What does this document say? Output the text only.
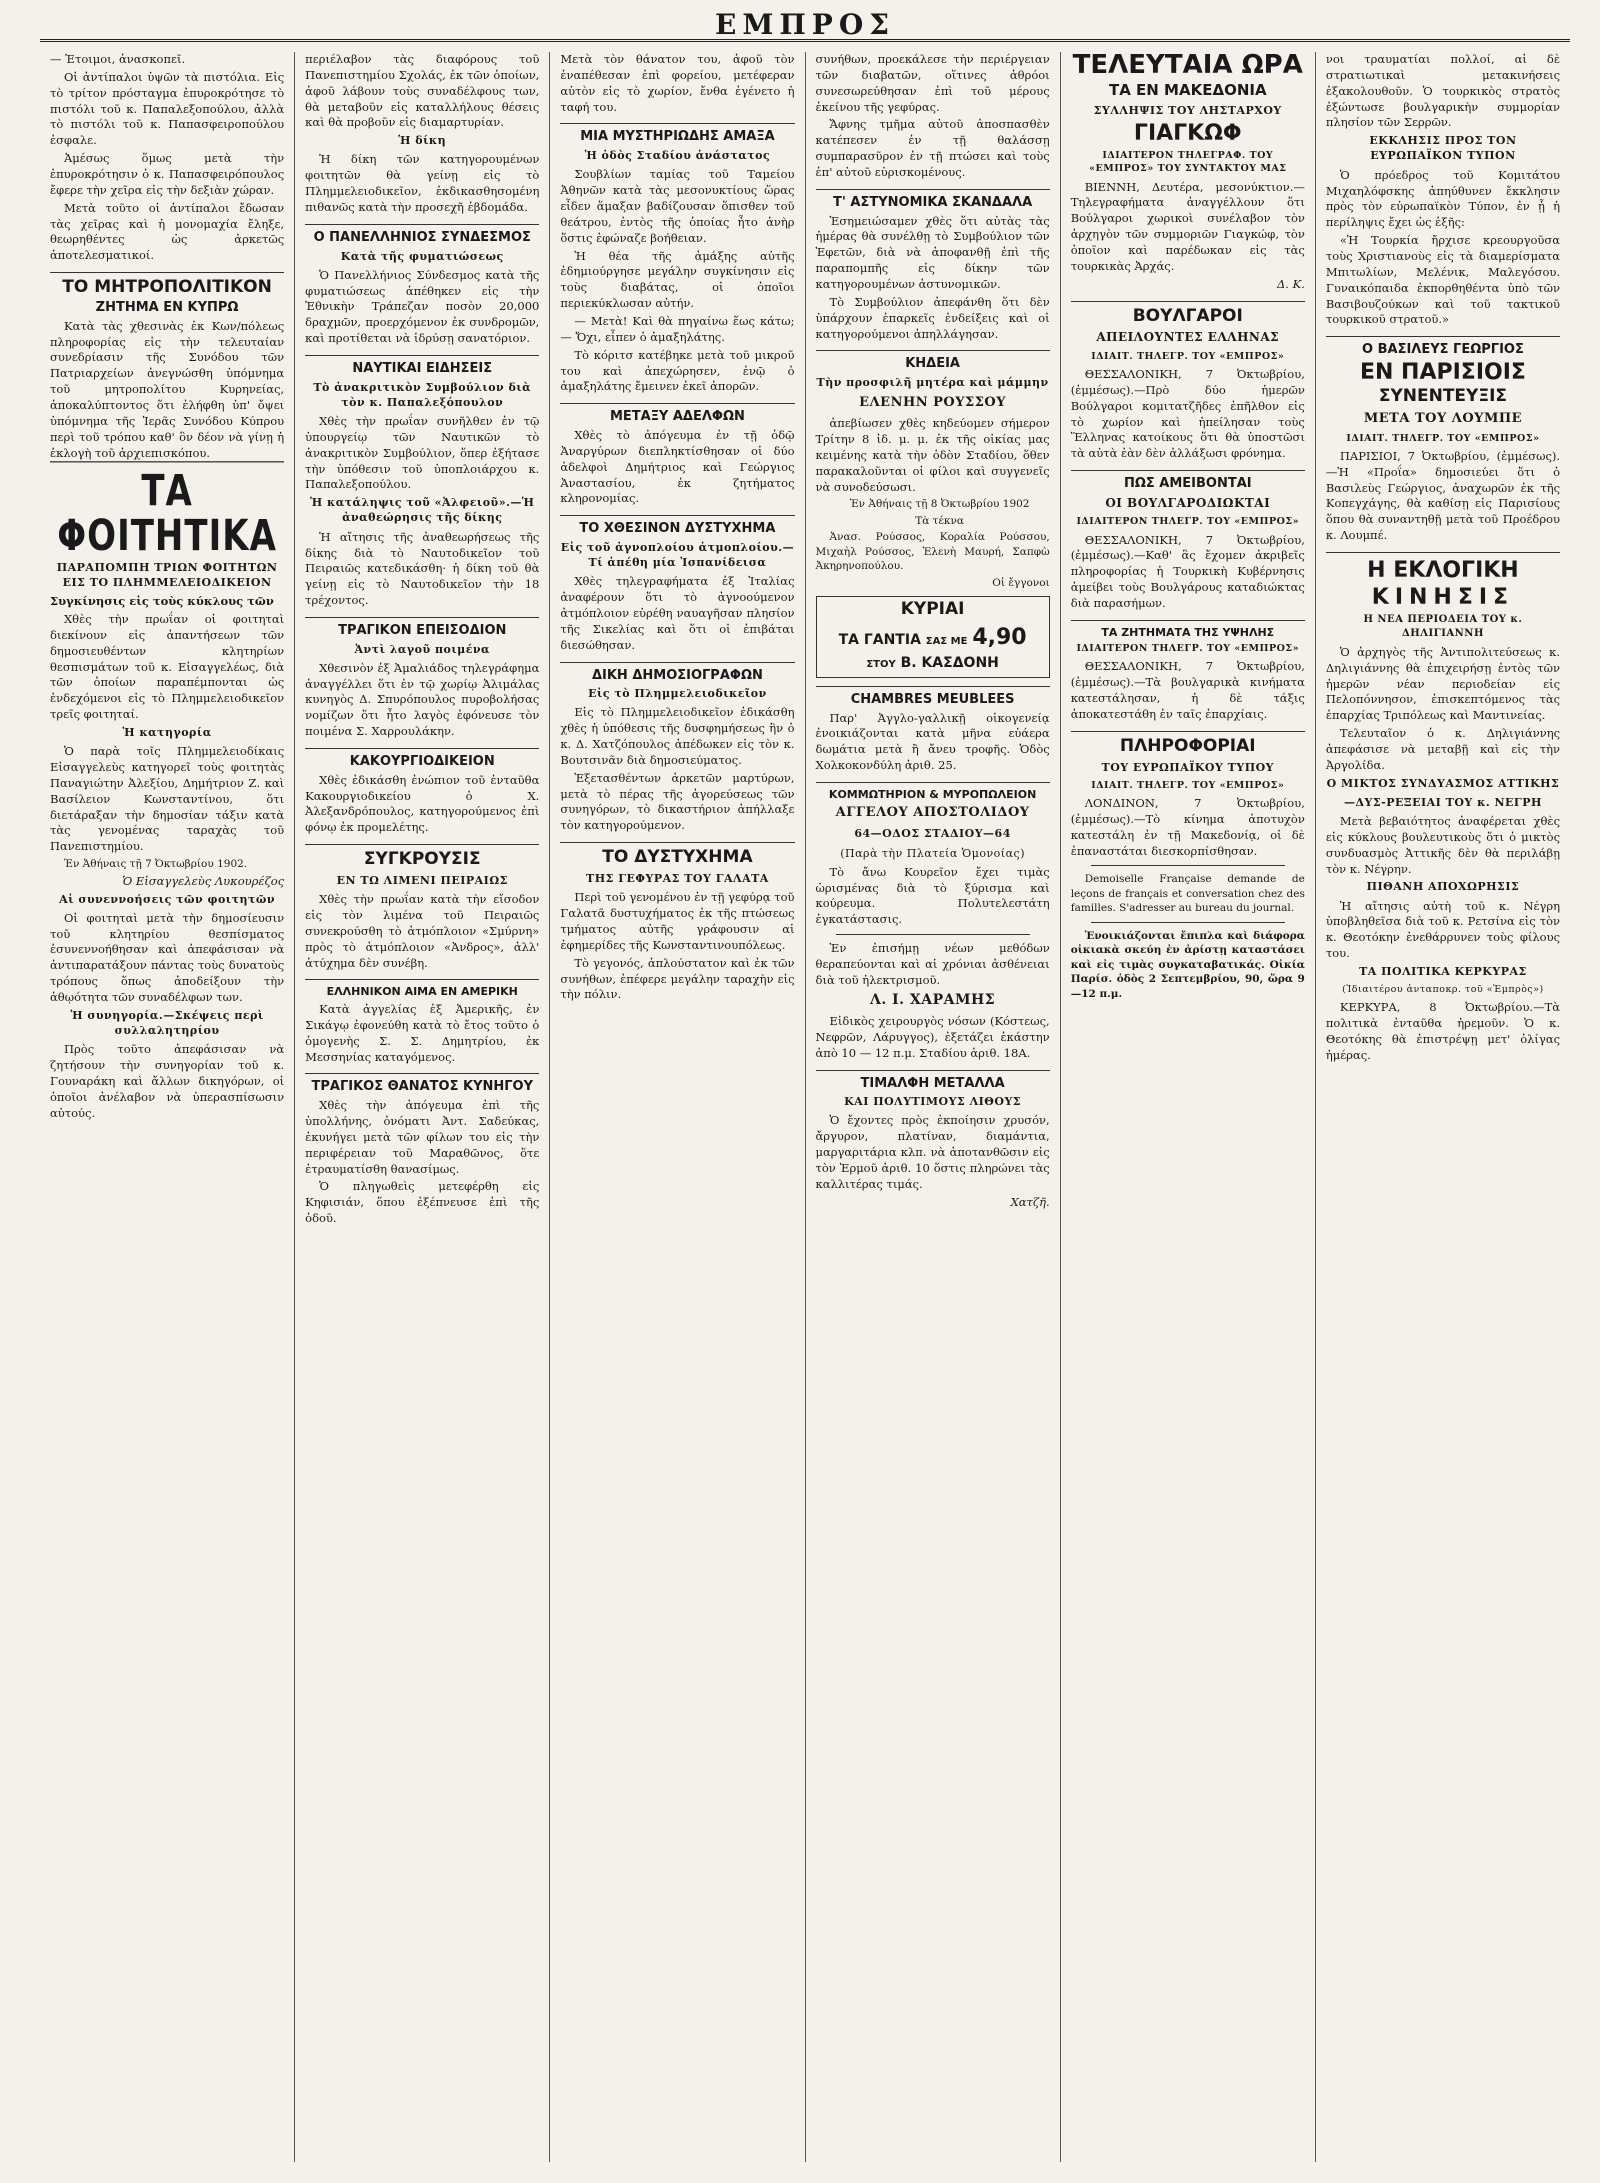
ΕΜΠΡΟΣ

— Ἐτοιμοι, ἀνασκοπεῖ.

Οἱ ἀντίπαλοι ὑψῶν τὰ πιστόλια. Εἰς τὸ τρίτον πρόσταγμα ἐπυροκρότησε τὸ πιστόλι τοῦ κ. Παπαλεξοπούλου, ἀλλὰ τὸ πιστόλι τοῦ κ. Παπασφειροπούλου ἐσφαλε.

Ἀμέσως ὅμως μετὰ τὴν ἐπυροκρότησιν ὁ κ. Παπασφειρόπουλος ἔφερε τὴν χεῖρα εἰς τὴν δεξιὰν χώραν.

Μετὰ τοῦτο οἱ ἀντίπαλοι ἔδωσαν τὰς χεῖρας καὶ ἡ μονομαχία ἔληξε, θεωρηθέντες ὡς ἀρκετῶς ἀποτελεσματικοί.

ΤΟ ΜΗΤΡΟΠΟΛΙΤΙΚΟΝ
ΖΗΤΗΜΑ ΕΝ ΚΥΠΡΩ

Κατὰ τὰς χθεσινὰς ἐκ Κων/πόλεως πληροφορίας εἰς τὴν τελευταίαν συνεδρίασιν τῆς Συνόδου τῶν Πατριαρχείων ἀνεγνώσθη ὑπόμνημα τοῦ μητροπολίτου Κυρηνείας, ἀποκαλύπτοντος ὅτι ἐλήφθη ὑπ' ὄψει ὑπόμνημα τῆς Ἱερᾶς Συνόδου Κύπρου περὶ τοῦ τρόπου καθ' ὃν δέον νὰ γίνῃ ἡ ἐκλογὴ τοῦ ἀρχιεπισκόπου.

ΤΑ ΦΟΙΤΗΤΙΚΑ
ΠΑΡΑΠΟΜΠΗ ΤΡΙΩΝ ΦΟΙΤΗΤΩΝ ΕΙΣ ΤΟ ΠΛΗΜΜΕΛΕΙΟΔΙΚΕΙΟΝ

Συγκίνησις εἰς τοὺς κύκλους τῶν

Χθὲς τὴν πρωΐαν οἱ φοιτηταὶ διεκίνουν εἰς ἀπαντήσεων τῶν δημοσιευθέντων κλητηρίων θεσπισμάτων τοῦ κ. Εἰσαγγελέως, διὰ τῶν ὁποίων παραπέμπονται ὡς ἐνδεχόμενοι εἰς τὸ Πλημμελειοδικεῖον τρεῖς φοιτηταί.

Ἡ κατηγορία

Ὁ παρὰ τοῖς Πλημμελειοδίκαις Εἰσαγγελεὺς κατηγορεῖ τοὺς φοιτητὰς Παναγιώτην Ἀλεξίου, Δημήτριον Ζ. καὶ Βασίλειον Κωνσταντίνου, ὅτι διετάραξαν τὴν δημοσίαν τάξιν κατὰ τὰς γενομένας ταραχὰς τοῦ Πανεπιστημίου.

Ἐν Ἀθήναις τῇ 7 Ὀκτωβρίου 1902.

Ὁ Εἰσαγγελεὺς Λυκουρέζος

Αἱ συνεννοήσεις τῶν φοιτητῶν

Οἱ φοιτηταὶ μετὰ τὴν δημοσίευσιν τοῦ κλητηρίου θεσπίσματος ἐσυνεννοήθησαν καὶ ἀπεφάσισαν νὰ ἀντιπαρατάξουν πάντας τοὺς δυνατοὺς τρόπους ὅπως ἀποδείξουν τὴν ἀθῳότητα τῶν συναδέλφων των.

Ἡ συνηγορία.—Σκέψεις περὶ συλλαλητηρίου

Πρὸς τοῦτο ἀπεφάσισαν νὰ ζητήσουν τὴν συνηγορίαν τοῦ κ. Γουναράκη καὶ ἄλλων δικηγόρων, οἱ ὁποῖοι ἀνέλαβον νὰ ὑπερασπίσωσιν αὐτούς.

περιέλαβον τὰς διαφόρους τοῦ Πανεπιστημίου Σχολάς, ἐκ τῶν ὁποίων, ἀφοῦ λάβουν τοὺς συναδέλφους των, θὰ μεταβοῦν εἰς καταλλήλους θέσεις καὶ θὰ προβοῦν εἰς διαμαρτυρίαν.

Ἡ δίκη

Ἡ δίκη τῶν κατηγορουμένων φοιτητῶν θὰ γείνῃ εἰς τὸ Πλημμελειοδικεῖον, ἐκδικασθησομένη πιθανῶς κατὰ τὴν προσεχῆ ἑβδομάδα.

Ο ΠΑΝΕΛΛΗΝΙΟΣ ΣΥΝΔΕΣΜΟΣ
Κατὰ τῆς φυματιώσεως

Ὁ Πανελλήνιος Σύνδεσμος κατὰ τῆς φυματιώσεως ἀπέθηκεν εἰς τὴν Ἐθνικὴν Τράπεζαν ποσὸν 20,000 δραχμῶν, προερχόμενον ἐκ συνδρομῶν, καὶ προτίθεται νὰ ἱδρύσῃ σανατόριον.

ΝΑΥΤΙΚΑΙ ΕΙΔΗΣΕΙΣ
Τὸ ἀνακριτικὸν Συμβούλιον διὰ τὸν κ. Παπαλεξόπουλον

Χθὲς τὴν πρωΐαν συνῆλθεν ἐν τῷ ὑπουργείῳ τῶν Ναυτικῶν τὸ ἀνακριτικὸν Συμβούλιον, ὅπερ ἐξήτασε τὴν ὑπόθεσιν τοῦ ὑποπλοιάρχου κ. Παπαλεξοπούλου.

Ἡ κατάληψις τοῦ «Ἀλφειοῦ».—Ἡ ἀναθεώρησις τῆς δίκης

Ἡ αἴτησις τῆς ἀναθεωρήσεως τῆς δίκης διὰ τὸ Ναυτοδικεῖον τοῦ Πειραιῶς κατεδικάσθη· ἡ δίκη τοῦ θὰ γείνῃ εἰς τὸ Ναυτοδικεῖον τὴν 18 τρέχοντος.

ΤΡΑΓΙΚΟΝ ΕΠΕΙΣΟΔΙΟΝ
Ἀντὶ λαγοῦ ποιμένα

Χθεσινὸν ἐξ Ἀμαλιάδος τηλεγράφημα ἀναγγέλλει ὅτι ἐν τῷ χωρίῳ Ἀλιμάλας κυνηγὸς Δ. Σπυρόπουλος πυροβολήσας νομίζων ὅτι ἦτο λαγὸς ἐφόνευσε τὸν ποιμένα Σ. Χαρρουλάκην.

ΚΑΚΟΥΡΓΙΟΔΙΚΕΙΟΝ

Χθὲς ἐδικάσθη ἐνώπιον τοῦ ἐνταῦθα Κακουργιοδικείου ὁ Χ. Ἀλεξανδρόπουλος, κατηγορούμενος ἐπὶ φόνῳ ἐκ προμελέτης.

ΣΥΓΚΡΟΥΣΙΣ
ΕΝ ΤΩ ΛΙΜΕΝΙ ΠΕΙΡΑΙΩΣ

Χθὲς τὴν πρωΐαν κατὰ τὴν εἴσοδον εἰς τὸν λιμένα τοῦ Πειραιῶς συνεκρούσθη τὸ ἀτμόπλοιον «Σμύρνη» πρὸς τὸ ἀτμόπλοιον «Ἀνδρος», ἀλλ' ἀτύχημα δὲν συνέβη.

ΕΛΛΗΝΙΚΟΝ ΑΙΜΑ ΕΝ ΑΜΕΡΙΚΗ

Κατὰ ἀγγελίας ἐξ Ἀμερικῆς, ἐν Σικάγῳ ἐφονεύθη κατὰ τὸ ἔτος τοῦτο ὁ ὁμογενὴς Σ. Σ. Δημητρίου, ἐκ Μεσσηνίας καταγόμενος.

ΤΡΑΓΙΚΟΣ ΘΑΝΑΤΟΣ ΚΥΝΗΓΟΥ

Χθὲς τὴν ἀπόγευμα ἐπὶ τῆς ὑπολλήνης, ὀνόματι Ἀντ. Σαδεύκας, ἐκυνήγει μετὰ τῶν φίλων του εἰς τὴν περιφέρειαν τοῦ Μαραθῶνος, ὅτε ἐτραυματίσθη θανασίμως.

Ὁ πληγωθεὶς μετεφέρθη εἰς Κηφισιάν, ὅπου ἐξέπνευσε ἐπὶ τῆς ὁδοῦ.

Μετὰ τὸν θάνατον του, ἀφοῦ τὸν ἐναπέθεσαν ἐπὶ φορείου, μετέφεραν αὐτὸν εἰς τὸ χωρίον, ἔνθα ἐγένετο ἡ ταφή του.

ΜΙΑ ΜΥΣΤΗΡΙΩΔΗΣ ΑΜΑΞΑ
Ἡ ὁδὸς Σταδίου ἀνάστατος

Σουβλίων ταμίας τοῦ Ταμείου Ἀθηνῶν κατὰ τὰς μεσονυκτίους ὥρας εἶδεν ἅμαξαν βαδίζουσαν ὅπισθεν τοῦ θεάτρου, ἐντὸς τῆς ὁποίας ἦτο ἀνὴρ ὅστις ἐφώναζε βοήθειαν.

Ἡ θέα τῆς ἀμάξης αὐτῆς ἐδημιούργησε μεγάλην συγκίνησιν εἰς τοὺς διαβάτας, οἱ ὁποῖοι περιεκύκλωσαν αὐτήν.

— Μετὰ! Καὶ θὰ πηγαίνω ἕως κάτω; — Ὄχι, εἶπεν ὁ ἀμαξηλάτης.

Τὸ κόριτσ κατέβηκε μετὰ τοῦ μικροῦ του καὶ ἀπεχώρησεν, ἐνῷ ὁ ἀμαξηλάτης ἔμεινεν ἐκεῖ ἀπορῶν.

ΜΕΤΑΞΥ ΑΔΕΛΦΩΝ

Χθὲς τὸ ἀπόγευμα ἐν τῇ ὁδῷ Ἀναργύρων διεπληκτίσθησαν οἱ δύο ἀδελφοὶ Δημήτριος καὶ Γεώργιος Ἀναστασίου, ἐκ ζητήματος κληρονομίας.

ΤΟ ΧΘΕΣΙΝΟΝ ΔΥΣΤΥΧΗΜΑ
Εἰς τοῦ ἀγνοπλοίου ἀτμοπλοίου.— Τί ἀπέθη μία Ἰσπανίδεισα

Χθὲς τηλεγραφήματα ἐξ Ἰταλίας ἀναφέρουν ὅτι τὸ ἀγνοούμενον ἀτμόπλοιον εὑρέθη ναυαγῆσαν πλησίον τῆς Σικελίας καὶ ὅτι οἱ ἐπιβάται διεσώθησαν.

ΔΙΚΗ ΔΗΜΟΣΙΟΓΡΑΦΩΝ
Εἰς τὸ Πλημμελειοδικεῖον

Εἰς τὸ Πλημμελειοδικεῖον ἐδικάσθη χθὲς ἡ ὑπόθεσις τῆς δυσφημήσεως ἣν ὁ κ. Δ. Χατζόπουλος ἀπέδωκεν εἰς τὸν κ. Βουτσινᾶν διὰ δημοσιεύματος.

Ἐξετασθέντων ἀρκετῶν μαρτύρων, μετὰ τὸ πέρας τῆς ἀγορεύσεως τῶν συνηγόρων, τὸ δικαστήριον ἀπήλλαξε τὸν κατηγορούμενον.

ΤΟ ΔΥΣΤΥΧΗΜΑ
ΤΗΣ ΓΕΦΥΡΑΣ ΤΟΥ ΓΑΛΑΤΑ

Περὶ τοῦ γενομένου ἐν τῇ γεφύρᾳ τοῦ Γαλατᾶ δυστυχήματος ἐκ τῆς πτώσεως τμήματος αὐτῆς γράφουσιν αἱ ἐφημερίδες τῆς Κωνσταντινουπόλεως.

Τὸ γεγονός, ἀπλούστατον καὶ ἐκ τῶν συνήθων, ἐπέφερε μεγάλην ταραχὴν εἰς τὴν πόλιν.

συνήθων, προεκάλεσε τὴν περιέργειαν τῶν διαβατῶν, οἵτινες ἀθρόοι συνεσωρεύθησαν ἐπὶ τοῦ μέρους ἐκείνου τῆς γεφύρας.

Ἄφνης τμῆμα αὐτοῦ ἀποσπασθὲν κατέπεσεν ἐν τῇ θαλάσσῃ συμπαρασῦρον ἐν τῇ πτώσει καὶ τοὺς ἐπ' αὐτοῦ εὑρισκομένους.

Τ' ΑΣΤΥΝΟΜΙΚΑ ΣΚΑΝΔΑΛΑ

Ἐσημειώσαμεν χθὲς ὅτι αὐτὰς τὰς ἡμέρας θὰ συνέλθῃ τὸ Συμβούλιον τῶν Ἐφετῶν, διὰ νὰ ἀποφανθῇ ἐπὶ τῆς παραπομπῆς εἰς δίκην τῶν κατηγορουμένων ἀστυνομικῶν.

Τὸ Συμβούλιον ἀπεφάνθη ὅτι δὲν ὑπάρχουν ἐπαρκεῖς ἐνδείξεις καὶ οἱ κατηγορούμενοι ἀπηλλάγησαν.

ΚΗΔΕΙΑ
Τὴν προσφιλῆ μητέρα καὶ μάμμην
ΕΛΕΝΗΝ ΡΟΥΣΣΟΥ

ἀπεβίωσεν χθὲς κηδεύομεν σήμερον Τρίτην 8 ἰδ. μ. μ. ἐκ τῆς οἰκίας μας κειμένης κατὰ τὴν ὁδὸν Σταδίου, ὅθεν παρακαλοῦνται οἱ φίλοι καὶ συγγενεῖς νὰ συνοδεύσωσι.

Ἐν Ἀθήναις τῇ 8 Ὀκτωβρίου 1902

Τὰ τέκνα

Ἀνασ. Ρούσσος, Κοραλία Ρούσσου, Μιχαὴλ Ρούσσος, Ἑλενὴ Μαυρή, Σαπφὼ Ἀκηρηνοπούλου.

Οἱ ἔγγονοι

ΚΥΡΙΑΙ
ΤΑ ΓΑΝΤΙΑ ΣΑΣ ΜΕ 4,90
ΣΤΟΥ Β. ΚΑΣΔΟΝΗ
CHAMBRES MEUBLEES

Παρ' Ἀγγλο-γαλλικῇ οἰκογενείᾳ ἐνοικιάζονται κατὰ μῆνα εὐάερα δωμάτια μετὰ ἢ ἄνευ τροφῆς. Ὁδὸς Χολκοκονδύλη ἀριθ. 25.

ΚΟΜΜΩΤΗΡΙΟΝ & ΜΥΡΟΠΩΛΕΙΟΝ
ΑΓΓΕΛΟΥ ΑΠΟΣΤΟΛΙΔΟΥ
64—ΟΔΟΣ ΣΤΑΔΙΟΥ—64
(Παρὰ τὴν Πλατεία Ὁμονοίας)

Τὸ ἄνω Κουρεῖον ἔχει τιμὰς ὡρισμένας διὰ τὸ ξύρισμα καὶ κούρευμα. Πολυτελεστάτη ἐγκατάστασις.

Ἐν ἐπισήμῃ νέων μεθόδων θεραπεύονται καὶ αἱ χρόνιαι ἀσθένειαι διὰ τοῦ ἠλεκτρισμοῦ.

Λ. Ι. ΧΑΡΑΜΗΣ

Εἰδικὸς χειρουργὸς νόσων (Κόστεως, Νεφρῶν, Λάρυγγος), ἐξετάζει ἑκάστην ἀπὸ 10 — 12 π.μ. Σταδίου ἀριθ. 18Α.

ΤΙΜΑΛΦΗ ΜΕΤΑΛΛΑ
ΚΑΙ ΠΟΛΥΤΙΜΟΥΣ ΛΙΘΟΥΣ

Ὁ ἔχοντες πρὸς ἐκποίησιν χρυσόν, ἄργυρον, πλατίναν, διαμάντια, μαργαριτάρια κλπ. νὰ ἀποτανθῶσιν εἰς τὸν Ἑρμοῦ ἀριθ. 10 ὅστις πληρώνει τὰς καλλιτέρας τιμάς.

Χατζῆ.

ΤΕΛΕΥΤΑΙΑ ΩΡΑ
ΤΑ ΕΝ ΜΑΚΕΔΟΝΙΑ
ΣΥΛΛΗΨΙΣ ΤΟΥ ΛΗΣΤΑΡΧΟΥ
ΓΙΑΓΚΩΦ
ΙΔΙΑΙΤΕΡΟΝ ΤΗΛΕΓΡΑΦ. ΤΟΥ «ΕΜΠΡΟΣ» ΤΟΥ ΣΥΝΤΑΚΤΟΥ ΜΑΣ

ΒΙΕΝΝΗ, Δευτέρα, μεσονύκτιον.—Τηλεγραφήματα ἀναγγέλλουν ὅτι Βούλγαροι χωρικοὶ συνέλαβον τὸν ἀρχηγὸν τῶν συμμοριῶν Γιαγκώφ, τὸν ὁποῖον καὶ παρέδωκαν εἰς τὰς τουρκικὰς Ἀρχάς.

Δ. Κ.

ΒΟΥΛΓΑΡΟΙ
ΑΠΕΙΛΟΥΝΤΕΣ ΕΛΛΗΝΑΣ
ΙΔΙΑΙΤ. ΤΗΛΕΓΡ. ΤΟΥ «ΕΜΠΡΟΣ»

ΘΕΣΣΑΛΟΝΙΚΗ, 7 Ὀκτωβρίου, (ἐμμέσως).—Πρὸ δύο ἡμερῶν Βούλγαροι κομιτατζῆδες ἐπῆλθον εἰς τὸ χωρίον καὶ ἠπείλησαν τοὺς Ἕλληνας κατοίκους ὅτι θὰ ὑποστῶσι τὰ αὐτὰ ἐὰν δὲν ἀλλάξωσι φρόνημα.

ΠΩΣ ΑΜΕΙΒΟΝΤΑΙ
ΟΙ ΒΟΥΛΓΑΡΟΔΙΩΚΤΑΙ
ΙΔΙΑΙΤΕΡΟΝ ΤΗΛΕΓΡ. ΤΟΥ «ΕΜΠΡΟΣ»

ΘΕΣΣΑΛΟΝΙΚΗ, 7 Ὀκτωβρίου, (ἐμμέσως).—Καθ' ἃς ἔχομεν ἀκριβεῖς πληροφορίας ἡ Τουρκικὴ Κυβέρνησις ἀμείβει τοὺς Βουλγάρους καταδιώκτας διὰ παρασήμων.

ΤΑ ΖΗΤΗΜΑΤΑ ΤΗΣ ΥΨΗΛΗΣ
ΙΔΙΑΙΤΕΡΟΝ ΤΗΛΕΓΡ. ΤΟΥ «ΕΜΠΡΟΣ»

ΘΕΣΣΑΛΟΝΙΚΗ, 7 Ὀκτωβρίου, (ἐμμέσως).—Τὰ βουλγαρικὰ κινήματα κατεστάλησαν, ἡ δὲ τάξις ἀποκατεστάθη ἐν ταῖς ἐπαρχίαις.

ΠΛΗΡΟΦΟΡΙΑΙ
ΤΟΥ ΕΥΡΩΠΑΪΚΟΥ ΤΥΠΟΥ
ΙΔΙΑΙΤ. ΤΗΛΕΓΡ. ΤΟΥ «ΕΜΠΡΟΣ»

ΛΟΝΔΙΝΟΝ, 7 Ὀκτωβρίου, (ἐμμέσως).—Τὸ κίνημα ἀποτυχὸν κατεστάλη ἐν τῇ Μακεδονίᾳ, οἱ δὲ ἐπαναστάται διεσκορπίσθησαν.

Demoiselle Française demande de leçons de français et conversation chez des familles. S'adresser au bureau du journal.

Ἐνοικιάζονται ἔπιπλα καὶ διάφορα οἰκιακὰ σκεύη ἐν ἀρίστῃ καταστάσει καὶ εἰς τιμὰς συγκαταβατικάς. Οἰκία Παρίσ. ὁδὸς 2 Σεπτεμβρίου, 90, ὥρα 9—12 π.μ.

νοι τραυματίαι πολλοί, αἱ δὲ στρατιωτικαὶ μετακινήσεις ἐξακολουθοῦν. Ὁ τουρκικὸς στρατὸς ἐξώντωσε βουλγαρικὴν συμμορίαν πλησίον τῶν Σερρῶν.

ΕΚΚΛΗΣΙΣ ΠΡΟΣ ΤΟΝ ΕΥΡΩΠΑΪΚΟΝ ΤΥΠΟΝ

Ὁ πρόεδρος τοῦ Κομιτάτου Μιχαηλόφσκης ἀπηύθυνεν ἔκκλησιν πρὸς τὸν εὐρωπαϊκὸν Τύπον, ἐν ᾗ ἡ περίληψις ἔχει ὡς ἑξῆς:

«Ἡ Τουρκία ἤρχισε κρεουργοῦσα τοὺς Χριστιανοὺς εἰς τὰ διαμερίσματα Μπιτωλίων, Μελένικ, Μαλεγόσου. Γυναικόπαιδα ἐκπορθηθέντα ὑπὸ τῶν Βασιβουζούκων καὶ τοῦ τακτικοῦ τουρκικοῦ στρατοῦ.»

Ο ΒΑΣΙΛΕΥΣ ΓΕΩΡΓΙΟΣ
ΕΝ ΠΑΡΙΣΙΟΙΣ
ΣΥΝΕΝΤΕΥΞΙΣ
ΜΕΤΑ ΤΟΥ ΛΟΥΜΠΕ
ΙΔΙΑΙΤ. ΤΗΛΕΓΡ. ΤΟΥ «ΕΜΠΡΟΣ»

ΠΑΡΙΣΙΟΙ, 7 Ὀκτωβρίου, (ἐμμέσως).—Ἡ «Προΐα» δημοσιεύει ὅτι ὁ Βασιλεὺς Γεώργιος, ἀναχωρῶν ἐκ τῆς Κοπεγχάγης, θὰ καθίσῃ εἰς Παρισίους ὅπου θὰ συναντηθῇ μετὰ τοῦ Προέδρου κ. Λουμπέ.

Η ΕΚΛΟΓΙΚΗ
ΚΙΝΗΣΙΣ
Η ΝΕΑ ΠΕΡΙΟΔΕΙΑ ΤΟΥ κ. ΔΗΛΙΓΙΑΝΝΗ

Ὁ ἀρχηγὸς τῆς Ἀντιπολιτεύσεως κ. Δηλιγιάννης θὰ ἐπιχειρήσῃ ἐντὸς τῶν ἡμερῶν νέαν περιοδείαν εἰς Πελοπόννησον, ἐπισκεπτόμενος τὰς ἐπαρχίας Τριπόλεως καὶ Μαντινείας.

Τελευταῖον ὁ κ. Δηλιγιάννης ἀπεφάσισε νὰ μεταβῇ καὶ εἰς τὴν Ἀργολίδα.

Ο ΜΙΚΤΟΣ ΣΥΝΔΥΑΣΜΟΣ ΑΤΤΙΚΗΣ
—ΔΥΣ-ΡΕΞΕΙΑΙ ΤΟΥ κ. ΝΕΓΡΗ

Μετὰ βεβαιότητος ἀναφέρεται χθὲς εἰς κύκλους βουλευτικοὺς ὅτι ὁ μικτὸς συνδυασμὸς Ἀττικῆς δὲν θὰ περιλάβῃ τὸν κ. Νέγρην.

ΠΙΘΑΝΗ ΑΠΟΧΩΡΗΣΙΣ

Ἡ αἴτησις αὐτὴ τοῦ κ. Νέγρη ὑποβληθεῖσα διὰ τοῦ κ. Ρετσίνα εἰς τὸν κ. Θεοτόκην ἐνεθάρρυνεν τοὺς φίλους του.

ΤΑ ΠΟΛΙΤΙΚΑ ΚΕΡΚΥΡΑΣ
(Ἰδιαιτέρου ἀνταποκρ. τοῦ «Ἐμπρὸς»)

ΚΕΡΚΥΡΑ, 8 Ὀκτωβρίου.—Τὰ πολιτικὰ ἐνταῦθα ἠρεμοῦν. Ὁ κ. Θεοτόκης θὰ ἐπιστρέψῃ μετ' ὀλίγας ἡμέρας.
